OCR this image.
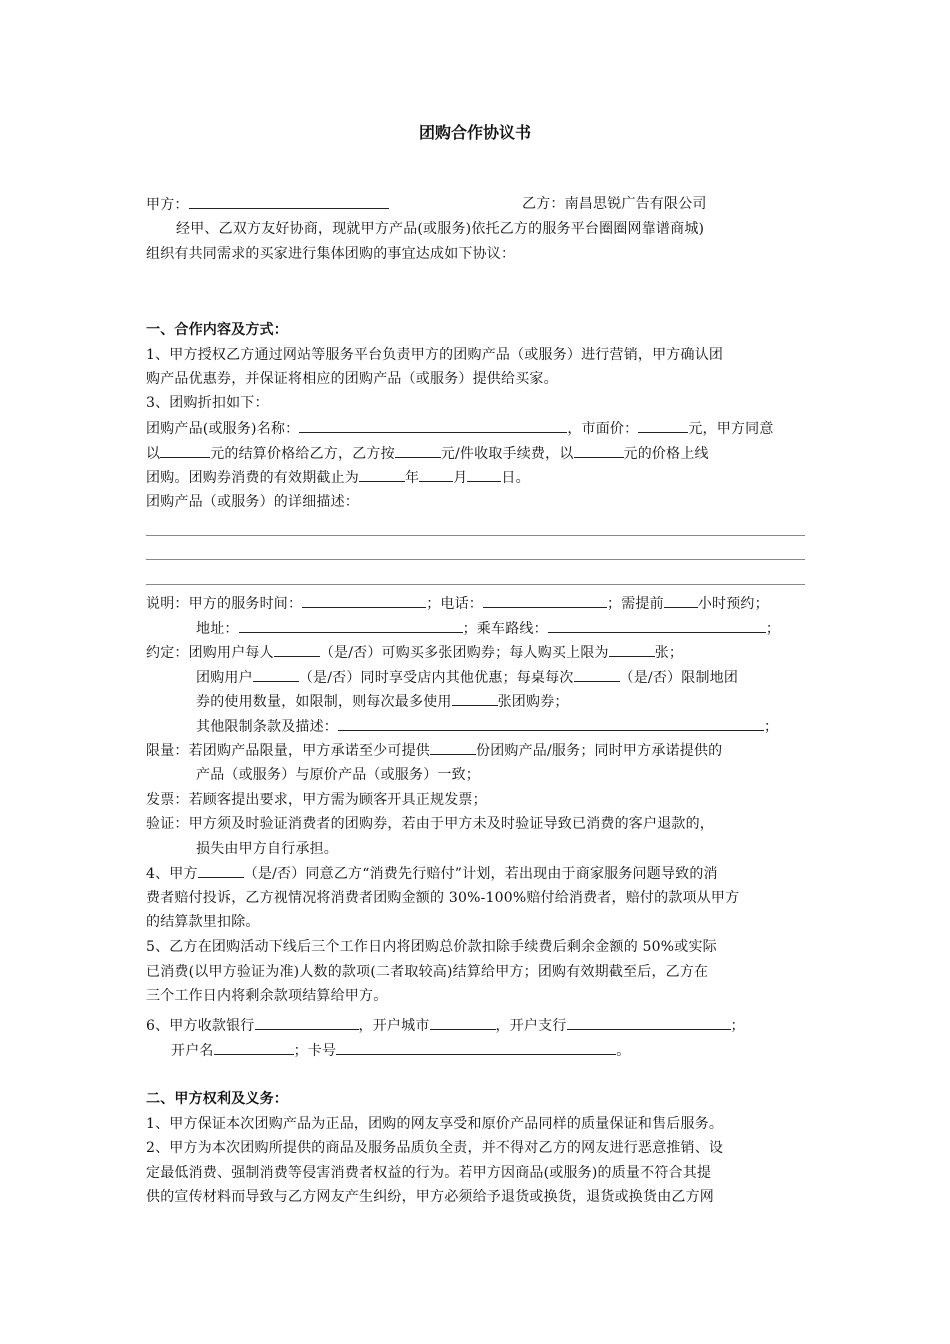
团购合作协议书
甲方：	乙方：南昌思锐广告有限公司
经甲、乙双方友好协商，现就甲方产品(或服务)依托乙方的服务平台圈圈网靠谱商城)
组织有共同需求的买家进行集体团购的事宜达成如下协议：
一、合作内容及方式：
1、甲方授权乙方通过网站等服务平台负责甲方的团购产品（或服务）进行营销，甲方确认团
购产品优惠券，并保证将相应的团购产品（或服务）提供给买家。
3、团购折扣如下：
团购产品(或服务)名称：	，市面价：	元，甲方同意
以	元的结算价格给乙方，乙方按	元/件收取手续费，以	元的价格上线
团购。团购券消费的有效期截止为	年 月 日。
团购产品（或服务）的详细描述：
说明：甲方的服务时间：	；电话：	；需提前 小时预约；
地址：	；乘车路线：	；
约定：团购用户每人	（是/否）可购买多张团购券；每人购买上限为	张；
团购用户	（是/否）同时享受店内其他优惠；每桌每次	（是/否）限制地团
券的使用数量，如限制，则每次最多使用	张团购券；
其他限制条款及描述：	；
限量：若团购产品限量，甲方承诺至少可提供	份团购产品/服务；同时甲方承诺提供的
产品（或服务）与原价产品（或服务）一致；
发票：若顾客提出要求，甲方需为顾客开具正规发票；
验证：甲方须及时验证消费者的团购券，若由于甲方未及时验证导致已消费的客户退款的，
损失由甲方自行承担。
4、甲方	（是/否）同意乙方“消费先行赔付”计划，若出现由于商家服务问题导致的消
费者赔付投诉，乙方视情况将消费者团购金额的 30%-100%赔付给消费者，赔付的款项从甲方
的结算款里扣除。
5、乙方在团购活动下线后三个工作日内将团购总价款扣除手续费后剩余金额的 50%或实际
已消费(以甲方验证为准)人数的款项(二者取较高)结算给甲方；团购有效期截至后，乙方在
三个工作日内将剩余款项结算给甲方。
6、甲方收款银行	，开户城市	，开户支行	；
开户名	；卡号	。
二、甲方权利及义务：
1、甲方保证本次团购产品为正品，团购的网友享受和原价产品同样的质量保证和售后服务。
2、甲方为本次团购所提供的商品及服务品质负全责，并不得对乙方的网友进行恶意推销、设
定最低消费、强制消费等侵害消费者权益的行为。若甲方因商品(或服务)的质量不符合其提
供的宣传材料而导致与乙方网友产生纠纷，甲方必须给予退货或换货，退货或换货由乙方网
